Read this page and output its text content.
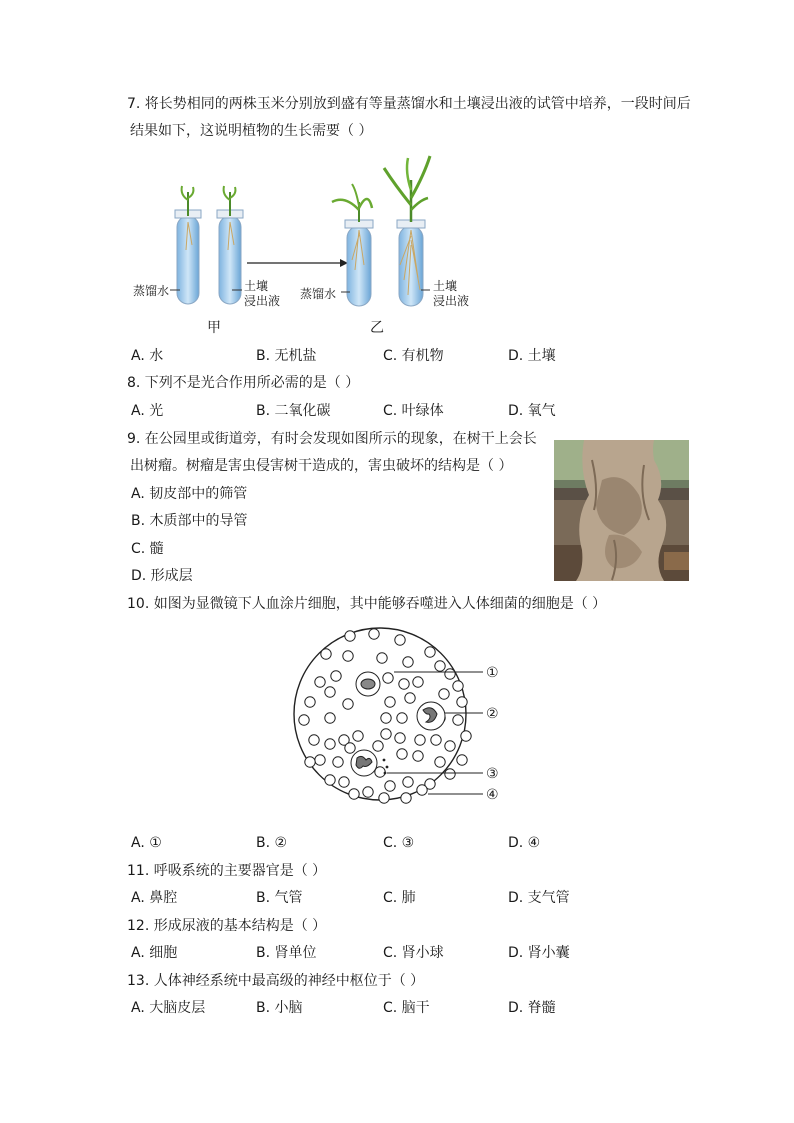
7. 将长势相同的两株玉米分别放到盛有等量蒸馏水和土壤浸出液的试管中培养，一段时间后
结果如下，这说明植物的生长需要（ ）
蒸馏水	土壤
浸出液 蒸馏水
土壤
浸出液
甲	乙
A. 水	B. 无机盐	C. 有机物	D. 土壤
8. 下列不是光合作用所必需的是（ ）
A. 光	B. 二氧化碳	C. 叶绿体	D. 氧气
9. 在公园里或街道旁，有时会发现如图所示的现象，在树干上会长
出树瘤。树瘤是害虫侵害树干造成的，害虫破坏的结构是（ ）
A. 韧皮部中的筛管
B. 木质部中的导管
C. 髓
D. 形成层
10. 如图为显微镜下人血涂片细胞，其中能够吞噬进入人体细菌的细胞是（ ）
①
②
③
④
A. ①	B. ②	C. ③	D. ④
11. 呼吸系统的主要器官是（ ）
A. 鼻腔	B. 气管	C. 肺	D. 支气管
12. 形成尿液的基本结构是（ ）
A. 细胞	B. 肾单位	C. 肾小球	D. 肾小囊
13. 人体神经系统中最高级的神经中枢位于（ ）
A. 大脑皮层	B. 小脑	C. 脑干	D. 脊髓
